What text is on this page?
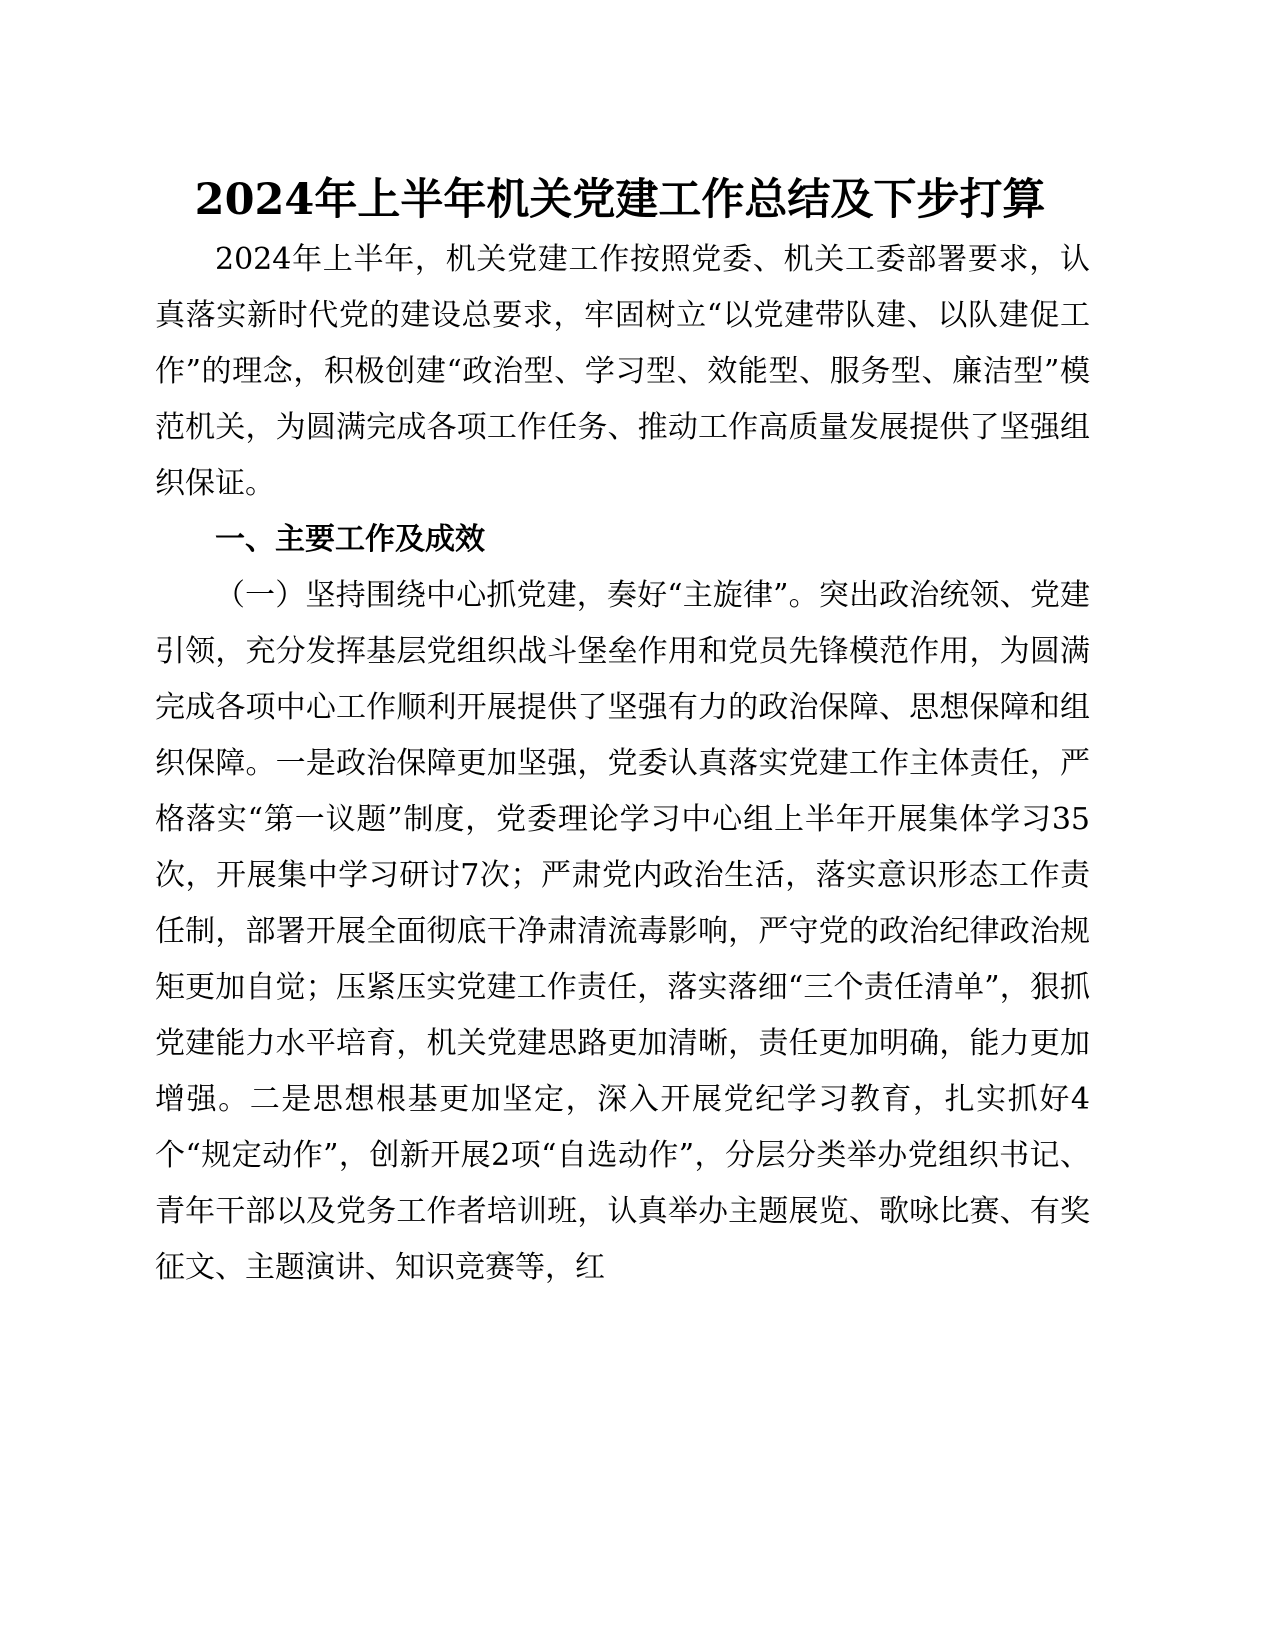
2024年上半年机关党建工作总结及下步打算

2024年上半年，机关党建工作按照党委、机关工委部署要求，认真落实新时代党的建设总要求，牢固树立“以党建带队建、以队建促工作”的理念，积极创建“政治型、学习型、效能型、服务型、廉洁型”模范机关，为圆满完成各项工作任务、推动工作高质量发展提供了坚强组织保证。

一、主要工作及成效

（一）坚持围绕中心抓党建，奏好“主旋律”。突出政治统领、党建引领，充分发挥基层党组织战斗堡垒作用和党员先锋模范作用，为圆满完成各项中心工作顺利开展提供了坚强有力的政治保障、思想保障和组织保障。一是政治保障更加坚强，党委认真落实党建工作主体责任，严格落实“第一议题”制度，党委理论学习中心组上半年开展集体学习35次，开展集中学习研讨7次；严肃党内政治生活，落实意识形态工作责任制，部署开展全面彻底干净肃清流毒影响，严守党的政治纪律政治规矩更加自觉；压紧压实党建工作责任，落实落细“三个责任清单”，狠抓党建能力水平培育，机关党建思路更加清晰，责任更加明确，能力更加增强。二是思想根基更加坚定，深入开展党纪学习教育，扎实抓好4个“规定动作”，创新开展2项“自选动作”，分层分类举办党组织书记、青年干部以及党务工作者培训班，认真举办主题展览、歌咏比赛、有奖征文、主题演讲、知识竞赛等，红
